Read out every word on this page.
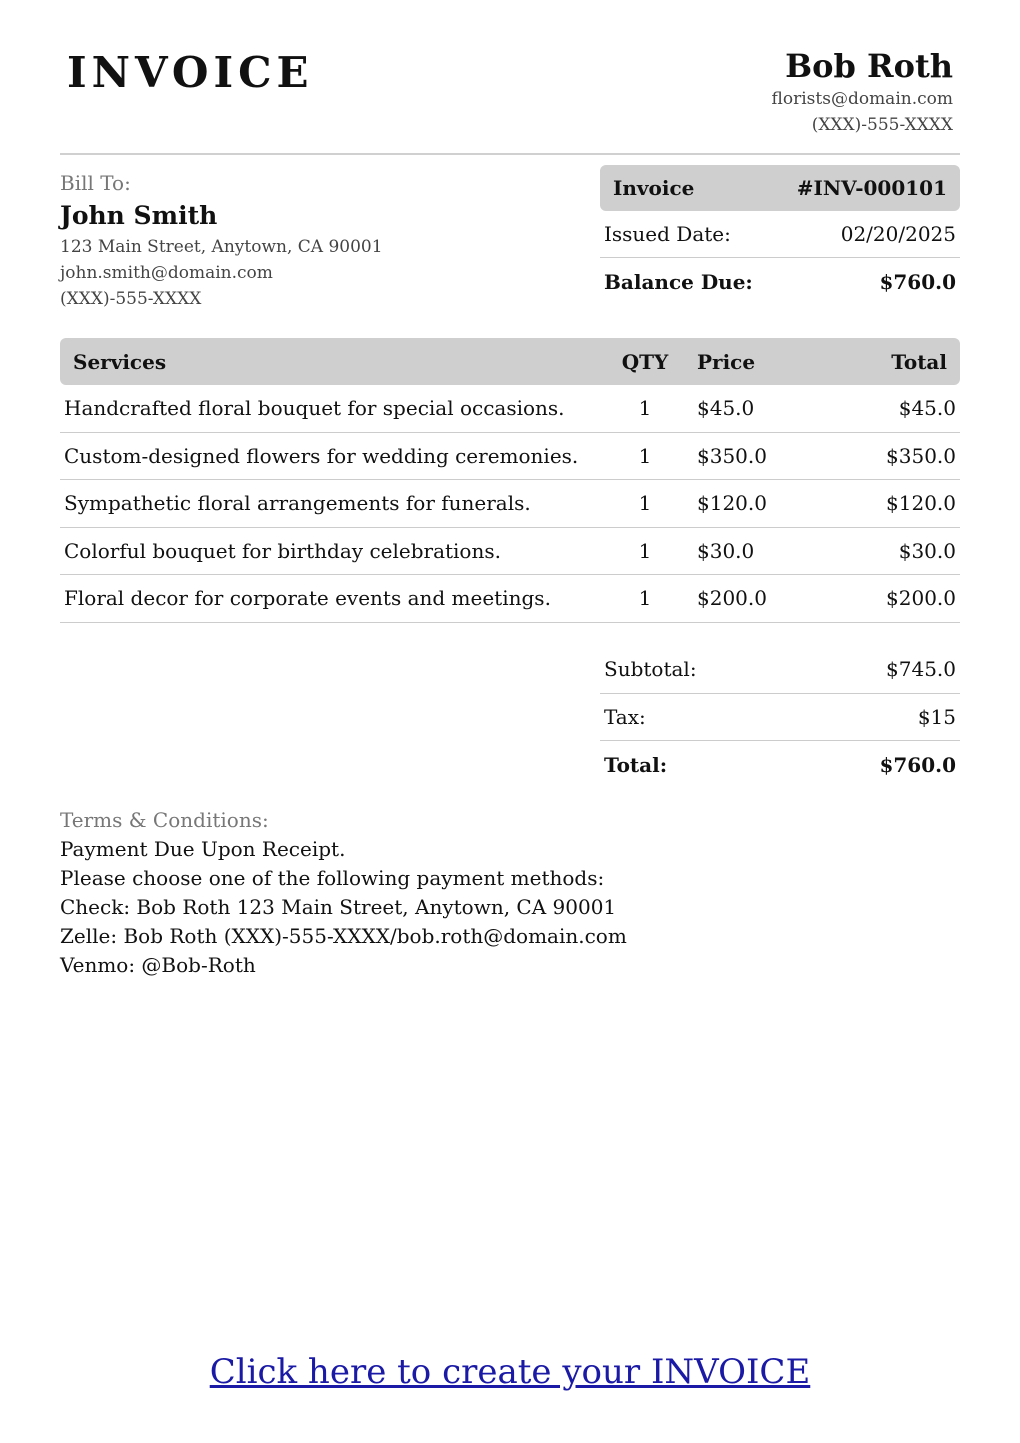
INVOICE	Bob Roth
florists@domain.com
(XXX)-555-XXXX
Bill To:
John Smith
123 Main Street, Anytown, CA 90001
john.smith@domain.com
(XXX)-555-XXXX
Invoice	#INV-000101
Issued Date:	02/20/2025
Balance Due:	$760.0
Services	QTY	Price	Total
Handcrafted floral bouquet for special occasions.	1	$45.0	$45.0
Custom-designed flowers for wedding ceremonies.	1	$350.0	$350.0
Sympathetic floral arrangements for funerals.	1	$120.0	$120.0
Colorful bouquet for birthday celebrations.	1	$30.0	$30.0
Floral decor for corporate events and meetings.	1	$200.0	$200.0
Subtotal:	$745.0
Tax:	$15
Total:	$760.0
Terms & Conditions:
Payment Due Upon Receipt.
Please choose one of the following payment methods:
Check: Bob Roth 123 Main Street, Anytown, CA 90001
Zelle: Bob Roth (XXX)-555-XXXX/bob.roth@domain.com
Venmo: @Bob-Roth
Click here to create your INVOICE
